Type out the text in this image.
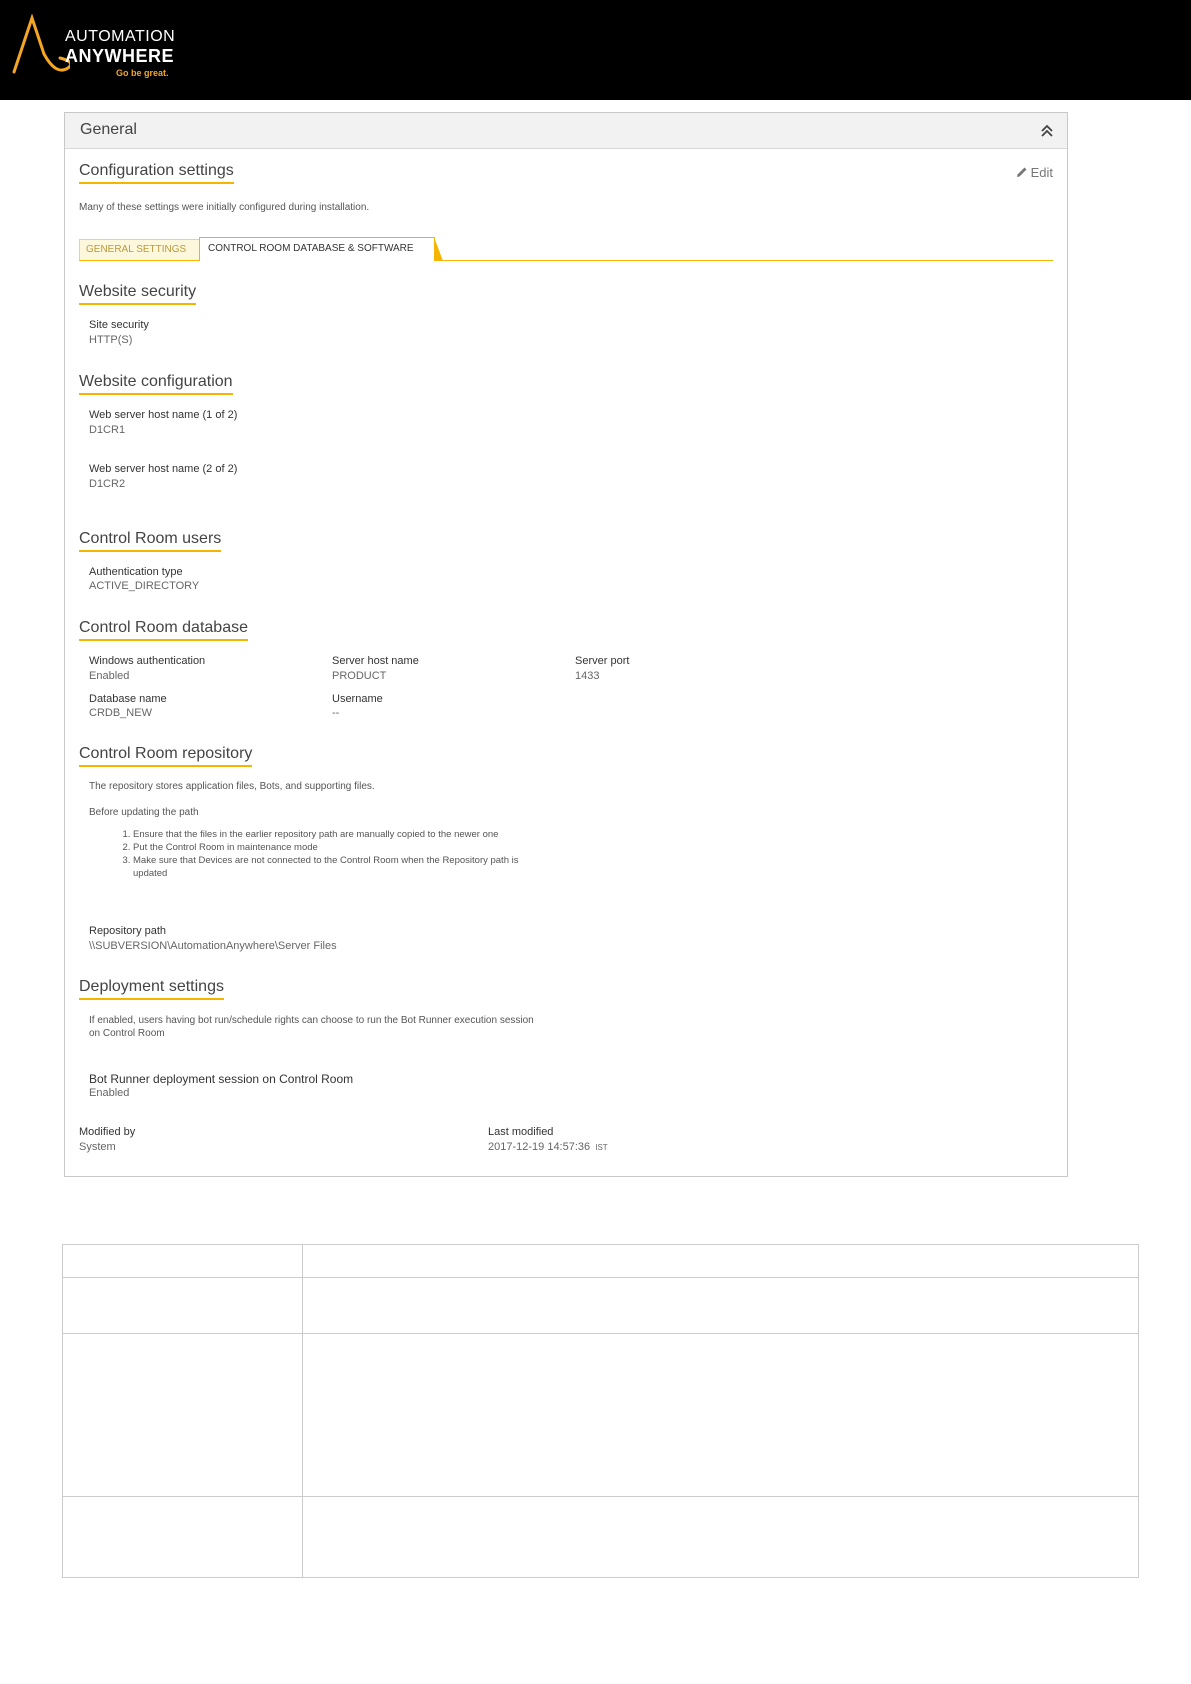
AUTOMATION
ANYWHERE
Go be great.
General
Configuration settings	Edit
Many of these settings were initially configured during installation.
GENERAL SETTINGS	CONTROL ROOM DATABASE & SOFTWARE
Website security
Site security
HTTP(S)
Website configuration
Web server host name (1 of 2)
D1CR1
Web server host name (2 of 2)
D1CR2
Control Room users
Authentication type
ACTIVE_DIRECTORY
Control Room database
Windows authentication
Enabled
Server host name
PRODUCT
Server port
1433
Database name
CRDB_NEW
Username
--
Control Room repository
The repository stores application files, Bots, and supporting files.
Before updating the path
1. Ensure that the files in the earlier repository path are manually copied to the newer one
2. Put the Control Room in maintenance mode
3. Make sure that Devices are not connected to the Control Room when the Repository path is updated
Repository path
\\SUBVERSION\AutomationAnywhere\Server Files
Deployment settings
If enabled, users having bot run/schedule rights can choose to run the Bot Runner execution session on Control Room
Bot Runner deployment session on Control Room
Enabled
Modified by
System
Last modified
2017-12-19 14:57:36 IST
